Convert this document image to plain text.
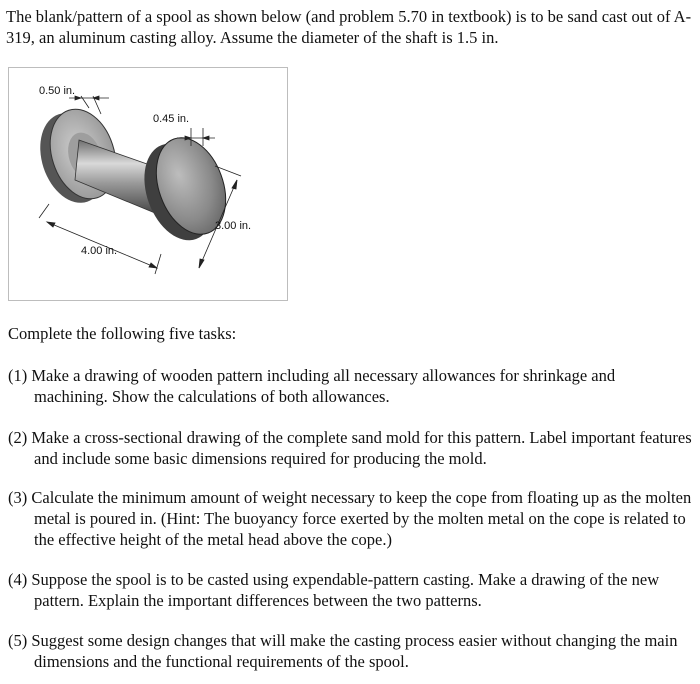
The blank/pattern of a spool as shown below (and problem 5.70 in textbook) is to be sand cast out of A-319, an aluminum casting alloy. Assume the diameter of the shaft is 1.5 in.

0.50 in.
0.45 in.
3.00 in.
4.00 in.

Complete the following five tasks:

(1) Make a drawing of wooden pattern including all necessary allowances for shrinkage and machining. Show the calculations of both allowances.

(2) Make a cross-sectional drawing of the complete sand mold for this pattern. Label important features and include some basic dimensions required for producing the mold.

(3) Calculate the minimum amount of weight necessary to keep the cope from floating up as the molten metal is poured in. (Hint: The buoyancy force exerted by the molten metal on the cope is related to the effective height of the metal head above the cope.)

(4) Suppose the spool is to be casted using expendable-pattern casting. Make a drawing of the new pattern. Explain the important differences between the two patterns.

(5) Suggest some design changes that will make the casting process easier without changing the main dimensions and the functional requirements of the spool.
